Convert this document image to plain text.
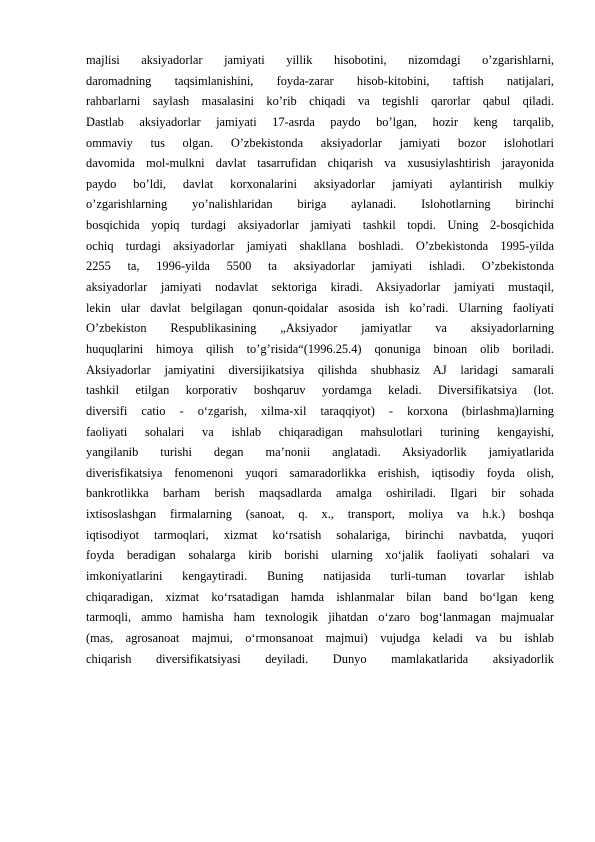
majlisi aksiyadorlar jamiyati yillik hisobotini, nizomdagi o’zgarishlarni,
daromadning taqsimlanishini, foyda-zarar hisob-kitobini, taftish natijalari,
rahbarlarni saylash masalasini ko’rib chiqadi va tegishli qarorlar qabul qiladi.
Dastlab aksiyadorlar jamiyati 17-asrda paydo bo’lgan, hozir keng tarqalib,
ommaviy tus olgan. O’zbekistonda aksiyadorlar jamiyati bozor islohotlari
davomida mol-mulkni davlat tasarrufidan chiqarish va xususiylashtirish jarayonida
paydo bo’ldi, davlat korxonalarini aksiyadorlar jamiyati aylantirish mulkiy
o’zgarishlarning yo’nalishlaridan biriga aylanadi. Islohotlarning birinchi
bosqichida yopiq turdagi aksiyadorlar jamiyati tashkil topdi. Uning 2-bosqichida
ochiq turdagi aksiyadorlar jamiyati shakllana boshladi. O’zbekistonda 1995-yilda
2255 ta, 1996-yilda 5500 ta aksiyadorlar jamiyati ishladi. O’zbekistonda
aksiyadorlar jamiyati nodavlat sektoriga kiradi. Aksiyadorlar jamiyati mustaqil,
lekin ular davlat belgilagan qonun-qoidalar asosida ish ko’radi. Ularning faoliyati
O’zbekiston Respublikasining „Aksiyador jamiyatlar va aksiyadorlarning
huquqlarini himoya qilish to’g’risida“(1996.25.4) qonuniga binoan olib boriladi.
Aksiyadorlar jamiyatini diversijikatsiya qilishda shubhasiz AJ laridagi samarali
tashkil etilgan korporativ boshqaruv yordamga keladi. Diversifikatsiya (lot.
diversifi catio - o‘zgarish, xilma-xil taraqqiyot) - korxona (birlashma)larning
faoliyati sohalari va ishlab chiqaradigan mahsulotlari turining kengayishi,
yangilanib turishi degan ma’nonii anglatadi. Aksiyadorlik jamiyatlarida
diverisfikatsiya fenomenoni yuqori samaradorlikka erishish, iqtisodiy foyda olish,
bankrotlikka barham berish maqsadlarda amalga oshiriladi. Ilgari bir sohada
ixtisoslashgan firmalarning (sanoat, q. x., transport, moliya va h.k.) boshqa
iqtisodiyot tarmoqlari, xizmat ko‘rsatish sohalariga, birinchi navbatda, yuqori
foyda beradigan sohalarga kirib borishi ularning xo‘jalik faoliyati sohalari va
imkoniyatlarini kengaytiradi. Buning natijasida turli-tuman tovarlar ishlab
chiqaradigan, xizmat ko‘rsatadigan hamda ishlanmalar bilan band bo‘lgan keng
tarmoqli, ammo hamisha ham texnologik jihatdan o‘zaro bog‘lanmagan majmualar
(mas, agrosanoat majmui, o‘rmonsanoat majmui) vujudga keladi va bu ishlab
chiqarish diversifikatsiyasi deyiladi. Dunyo mamlakatlarida aksiyadorlik
